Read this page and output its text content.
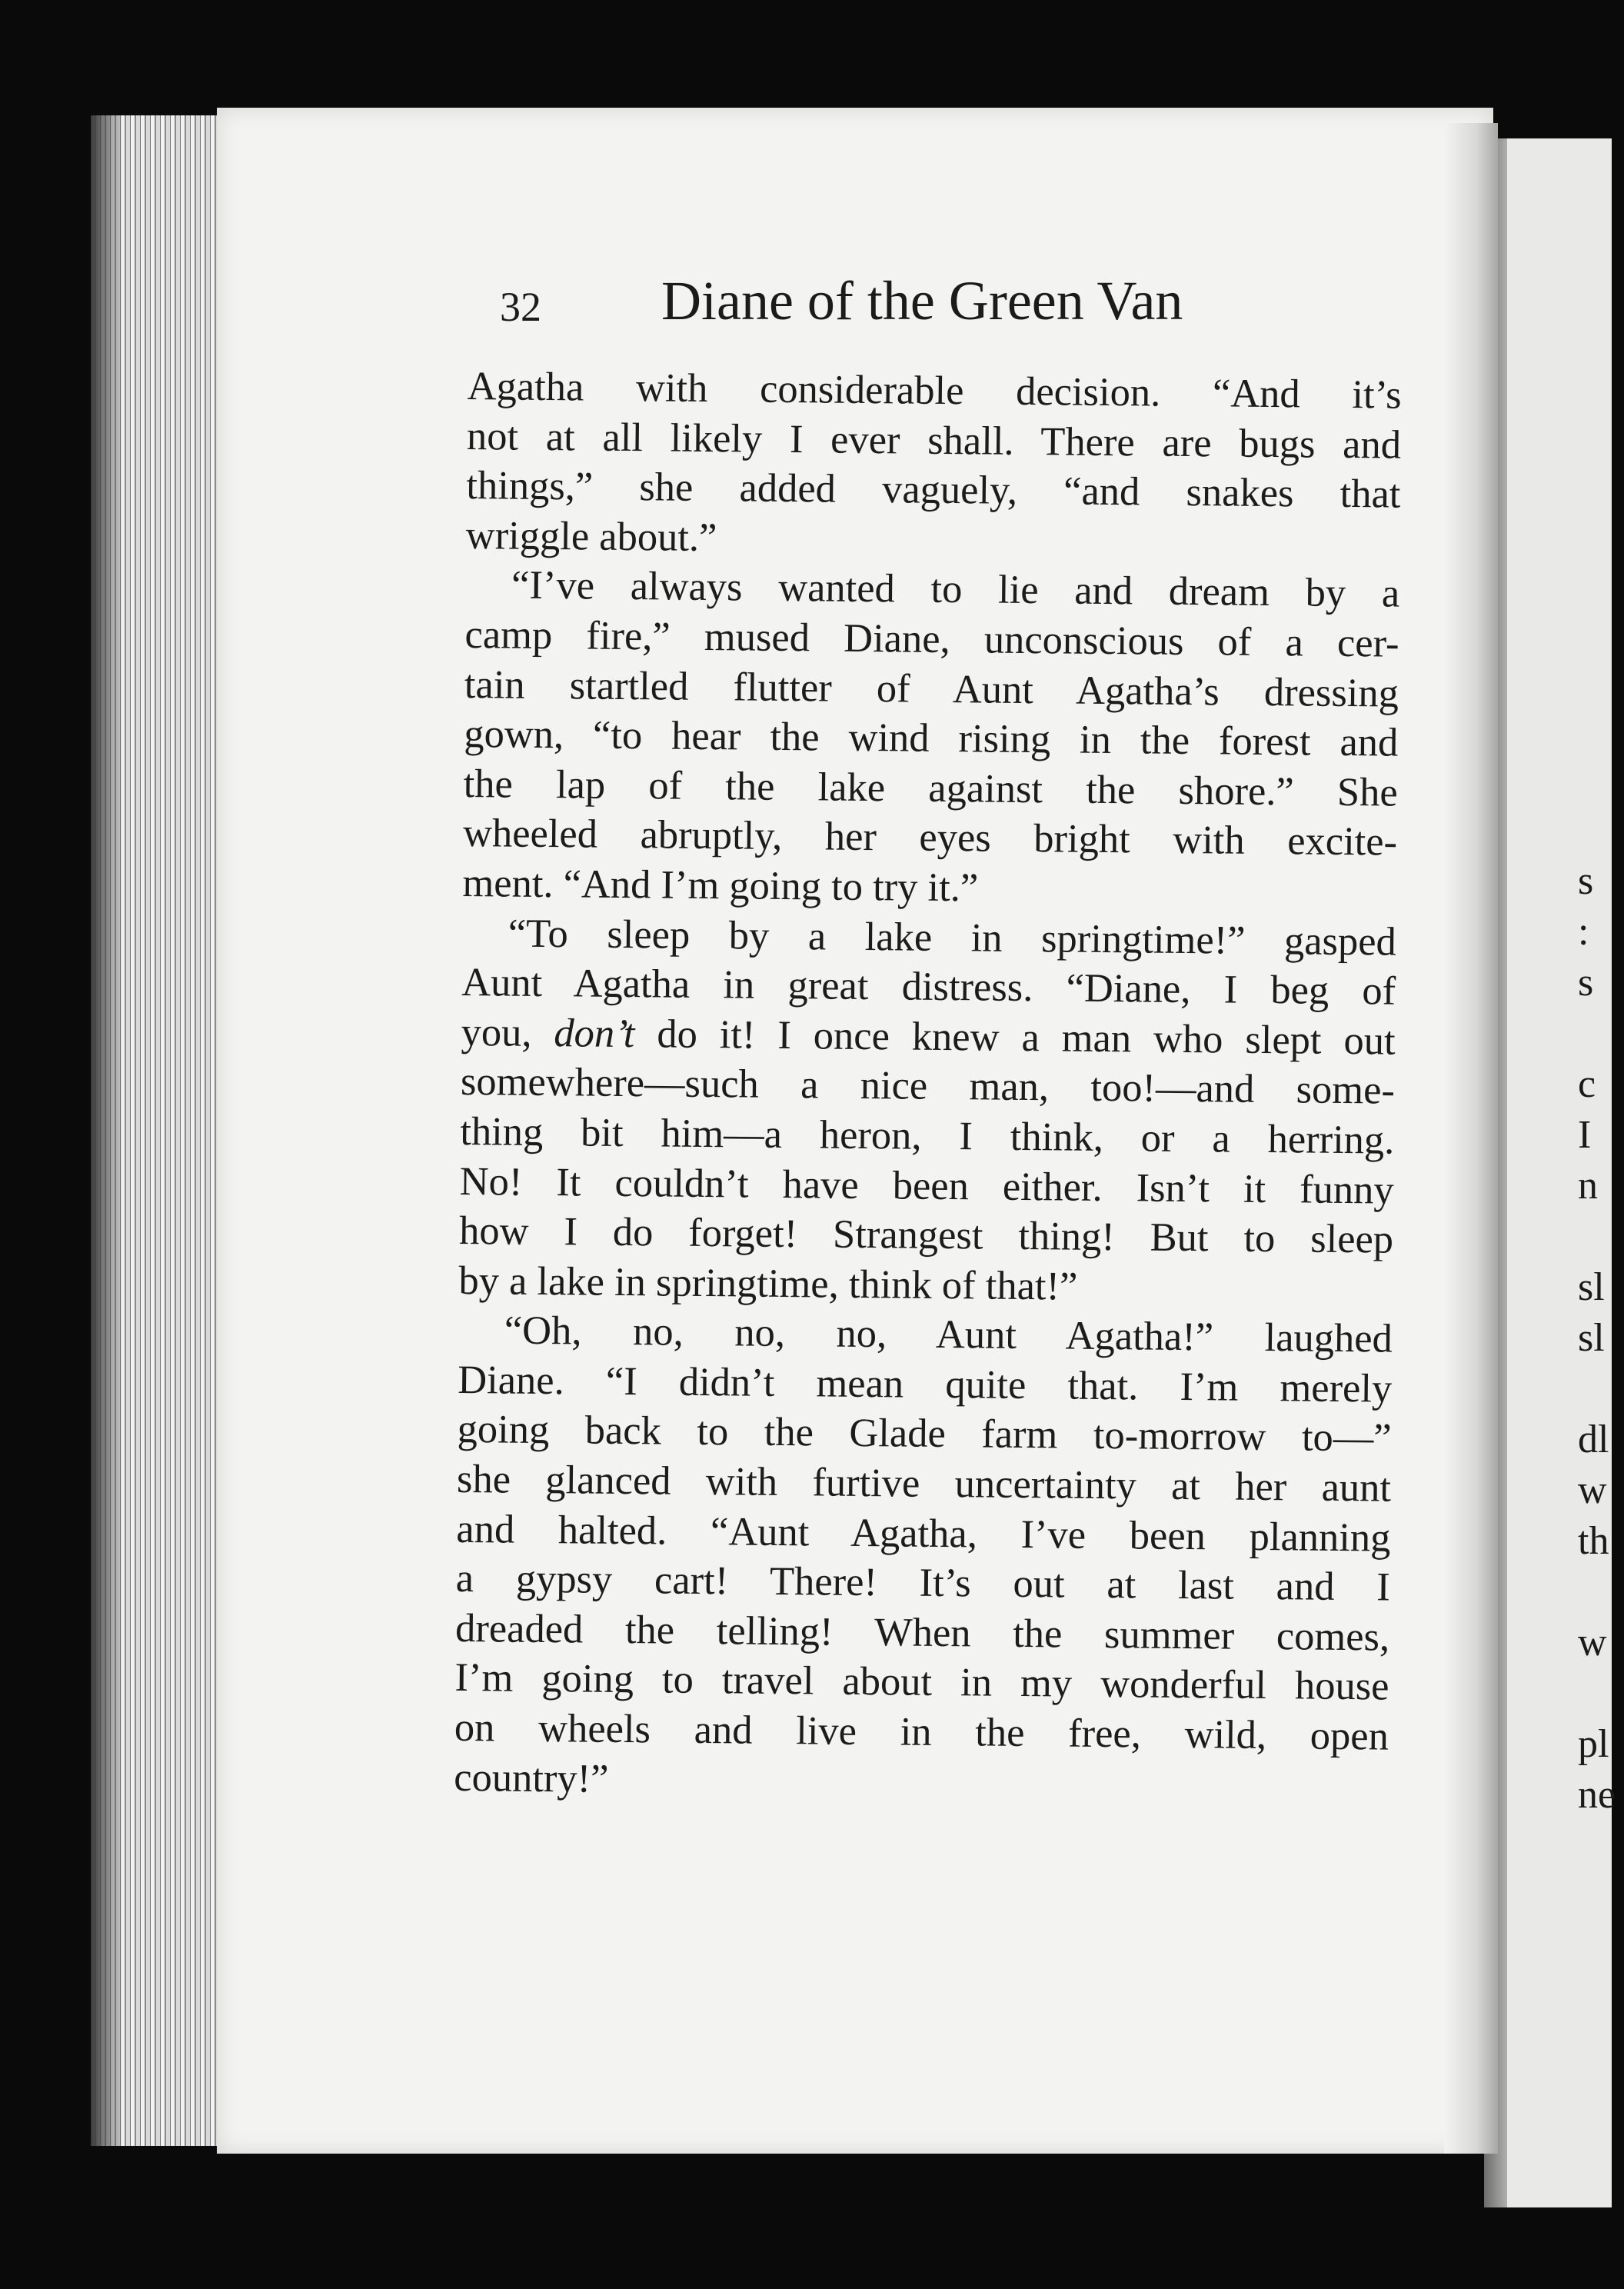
s
:
s
c
I
n
sl
sl
dl
w
th
w
pl
ne
32 Diane of the Green Van
Agatha with considerable decision. “And it’s
not at all likely I ever shall. There are bugs and
things,” she added vaguely, “and snakes that
wriggle about.”
“I’ve always wanted to lie and dream by a
camp fire,” mused Diane, unconscious of a cer-
tain startled flutter of Aunt Agatha’s dressing
gown, “to hear the wind rising in the forest and
the lap of the lake against the shore.” She
wheeled abruptly, her eyes bright with excite-
ment. “And I’m going to try it.”
“To sleep by a lake in springtime!” gasped
Aunt Agatha in great distress. “Diane, I beg of
you, don’t do it! I once knew a man who slept out
somewhere—such a nice man, too!—and some-
thing bit him—a heron, I think, or a herring.
No! It couldn’t have been either. Isn’t it funny
how I do forget! Strangest thing! But to sleep
by a lake in springtime, think of that!”
“Oh, no, no, no, Aunt Agatha!” laughed
Diane. “I didn’t mean quite that. I’m merely
going back to the Glade farm to-morrow to—”
she glanced with furtive uncertainty at her aunt
and halted. “Aunt Agatha, I’ve been planning
a gypsy cart! There! It’s out at last and I
dreaded the telling! When the summer comes,
I’m going to travel about in my wonderful house
on wheels and live in the free, wild, open
country!”
